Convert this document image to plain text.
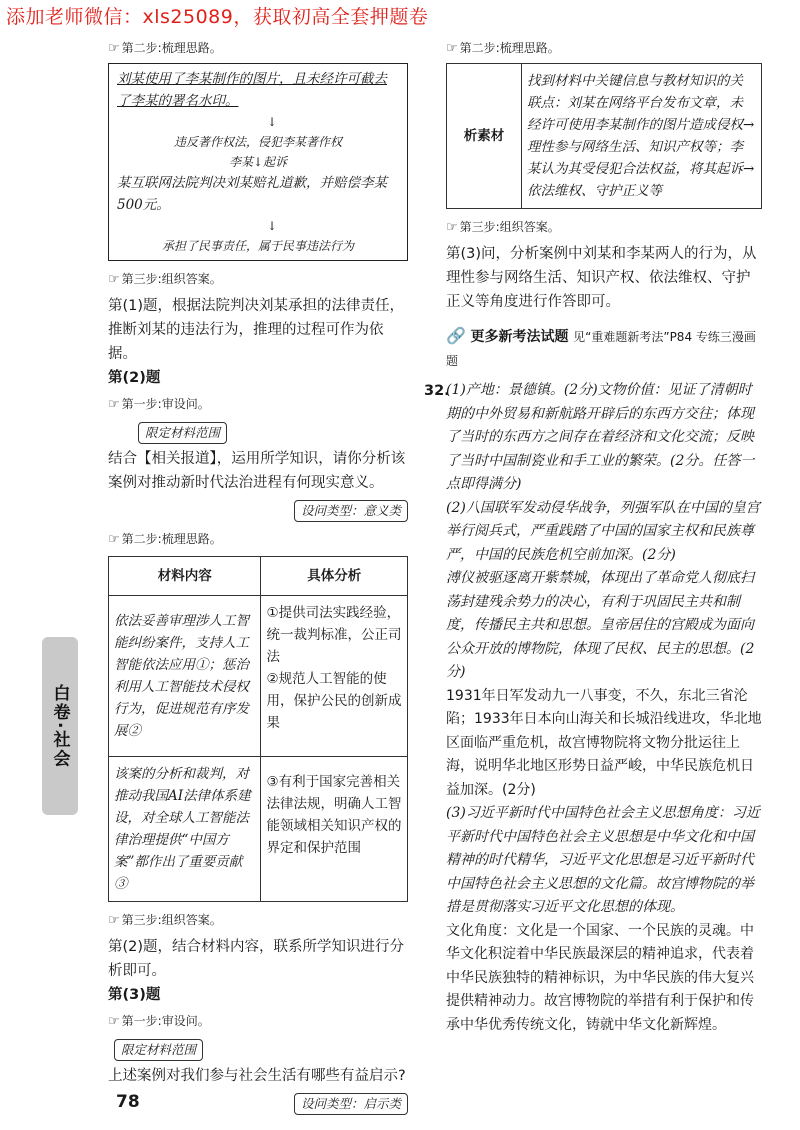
添加老师微信：xls25089，获取初高全套押题卷
☞ 第二步:梳理思路。

刘某使用了李某制作的图片，且未经许可截去了李某的署名水印。

↓

违反著作权法，侵犯李某著作权

李某↓起诉

某互联网法院判决刘某赔礼道歉，并赔偿李某500元。

↓

承担了民事责任，属于民事违法行为

☞ 第三步:组织答案。

第(1)题，根据法院判决刘某承担的法律责任，推断刘某的违法行为，推理的过程可作为依据。

第(2)题

☞ 第一步:审设问。
限定材料范围

结合【相关报道】，运用所学知识，请你分析该案例对推动新时代法治进程有何现实意义。

设问类型：意义类
☞ 第二步:梳理思路。
材料内容	具体分析
依法妥善审理涉人工智能纠纷案件，支持人工智能依法应用①；惩治利用人工智能技术侵权行为，促进规范有序发展②	①提供司法实践经验，统一裁判标准，公正司法
②规范人工智能的使用，保护公民的创新成果
该案的分析和裁判，对推动我国AI法律体系建设，对全球人工智能法律治理提供“中国方案”都作出了重要贡献③	③有利于国家完善相关法律法规，明确人工智能领域相关知识产权的界定和保护范围
☞ 第三步:组织答案。

第(2)题，结合材料内容，联系所学知识进行分析即可。

第(3)题

☞ 第一步:审设问。
限定材料范围

上述案例对我们参与社会生活有哪些有益启示?

设问类型：启示类
☞ 第二步:梳理思路。
析素材	找到材料中关键信息与教材知识的关联点：刘某在网络平台发布文章，未经许可使用李某制作的图片造成侵权→理性参与网络生活、知识产权等；李某认为其受侵犯合法权益，将其起诉→依法维权、守护正义等
☞ 第三步:组织答案。

第(3)问，分析案例中刘某和李某两人的行为，从理性参与网络生活、知识产权、依法维权、守护正义等角度进行作答即可。

🔗 更多新考法试题 见“重难题新考法”P84 专练三漫画题
32.

(1)产地：景德镇。(2分)文物价值：见证了清朝时期的中外贸易和新航路开辟后的东西方交往；体现了当时的东西方之间存在着经济和文化交流；反映了当时中国制瓷业和手工业的繁荣。(2分。任答一点即得满分)

(2)八国联军发动侵华战争，列强军队在中国的皇宫举行阅兵式，严重践踏了中国的国家主权和民族尊严，中国的民族危机空前加深。(2分)

溥仪被驱逐离开紫禁城，体现出了革命党人彻底扫荡封建残余势力的决心，有利于巩固民主共和制度，传播民主共和思想。皇帝居住的宫殿成为面向公众开放的博物院，体现了民权、民主的思想。(2分)

1931年日军发动九一八事变，不久，东北三省沦陷；1933年日本向山海关和长城沿线进攻，华北地区面临严重危机，故宫博物院将文物分批运往上海，说明华北地区形势日益严峻，中华民族危机日益加深。(2分)

(3)习近平新时代中国特色社会主义思想角度：习近平新时代中国特色社会主义思想是中华文化和中国精神的时代精华，习近平文化思想是习近平新时代中国特色社会主义思想的文化篇。故宫博物院的举措是贯彻落实习近平文化思想的体现。

文化角度：文化是一个国家、一个民族的灵魂。中华文化积淀着中华民族最深层的精神追求，代表着中华民族独特的精神标识，为中华民族的伟大复兴提供精神动力。故宫博物院的举措有利于保护和传承中华优秀传统文化，铸就中华文化新辉煌。

白卷·社会
78
